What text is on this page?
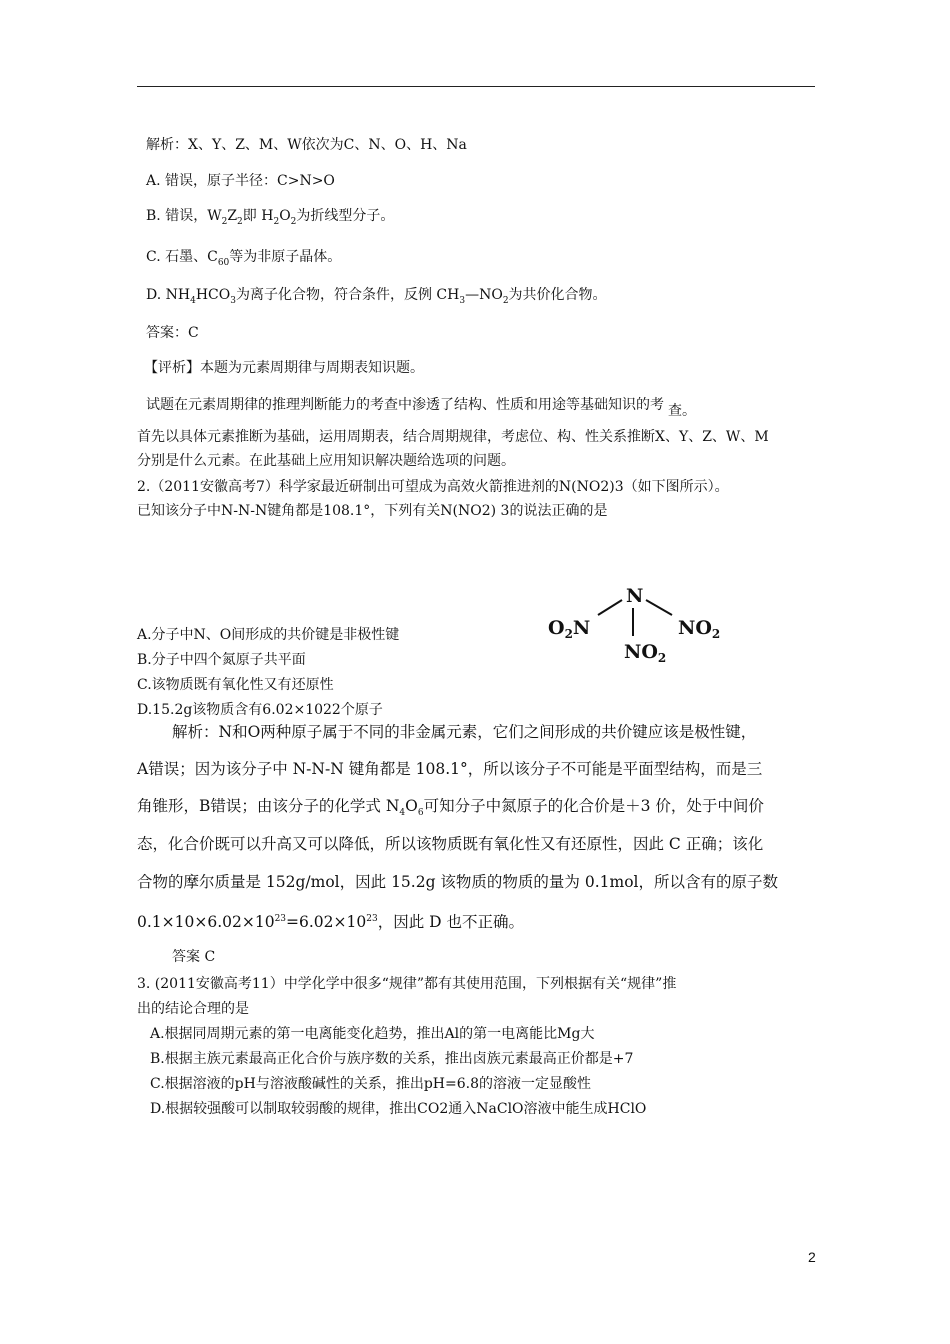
解析：X、Y、Z、M、W依次为C、N、O、H、Na
A. 错误，原子半径：C>N>O
B. 错误，$W_2Z_2$即 $H_2O_2$为折线型分子。
C. 石墨、$C_{60}$等为非原子晶体。
D. $NH_4HCO_3$为离子化合物，符合条件，反例 $CH_3—NO_2$为共价化合物。
答案：C
【评析】本题为元素周期律与周期表知识题。
试题在元素周期律的推理判断能力的考查中渗透了结构、性质和用途等基础知识的考 查。
首先以具体元素推断为基础，运用周期表，结合周期规律，考虑位、构、性关系推断X、Y、Z、W、M
分别是什么元素。在此基础上应用知识解决题给选项的问题。
2.（2011安徽高考7）科学家最近研制出可望成为高效火箭推进剂的N(NO2)3（如下图所示）。
已知该分子中N-N-N键角都是108.1°，下列有关N(NO2) 3的说法正确的是
N
$O_2N$	$NO_2$
$NO_2$
A.分子中N、O间形成的共价键是非极性键
B.分子中四个氮原子共平面
C.该物质既有氧化性又有还原性
D.15.2g该物质含有6.02×1022个原子
解析：N和O两种原子属于不同的非金属元素，它们之间形成的共价键应该是极性键，
A错误；因为该分子中 N-N-N 键角都是 108.1°，所以该分子不可能是平面型结构，而是三
角锥形，B错误；由该分子的化学式 $N_4O_6$可知分子中氮原子的化合价是＋3 价，处于中间价
态，化合价既可以升高又可以降低，所以该物质既有氧化性又有还原性，因此 C 正确；该化
合物的摩尔质量是 152g/mol，因此 15.2g 该物质的物质的量为 0.1mol，所以含有的原子数
$0.1\times 10\times 6.02\times 10^{23}=6.02\times 10^{23}$，因此 D 也不正确。
答案 C
3. (2011安徽高考11）中学化学中很多“规律”都有其使用范围，下列根据有关“规律”推
出的结论合理的是
A.根据同周期元素的第一电离能变化趋势，推出Al的第一电离能比Mg大
B.根据主族元素最高正化合价与族序数的关系，推出卤族元素最高正价都是+7
C.根据溶液的pH与溶液酸碱性的关系，推出pH=6.8的溶液一定显酸性
D.根据较强酸可以制取较弱酸的规律，推出CO2通入NaClO溶液中能生成HClO
2
